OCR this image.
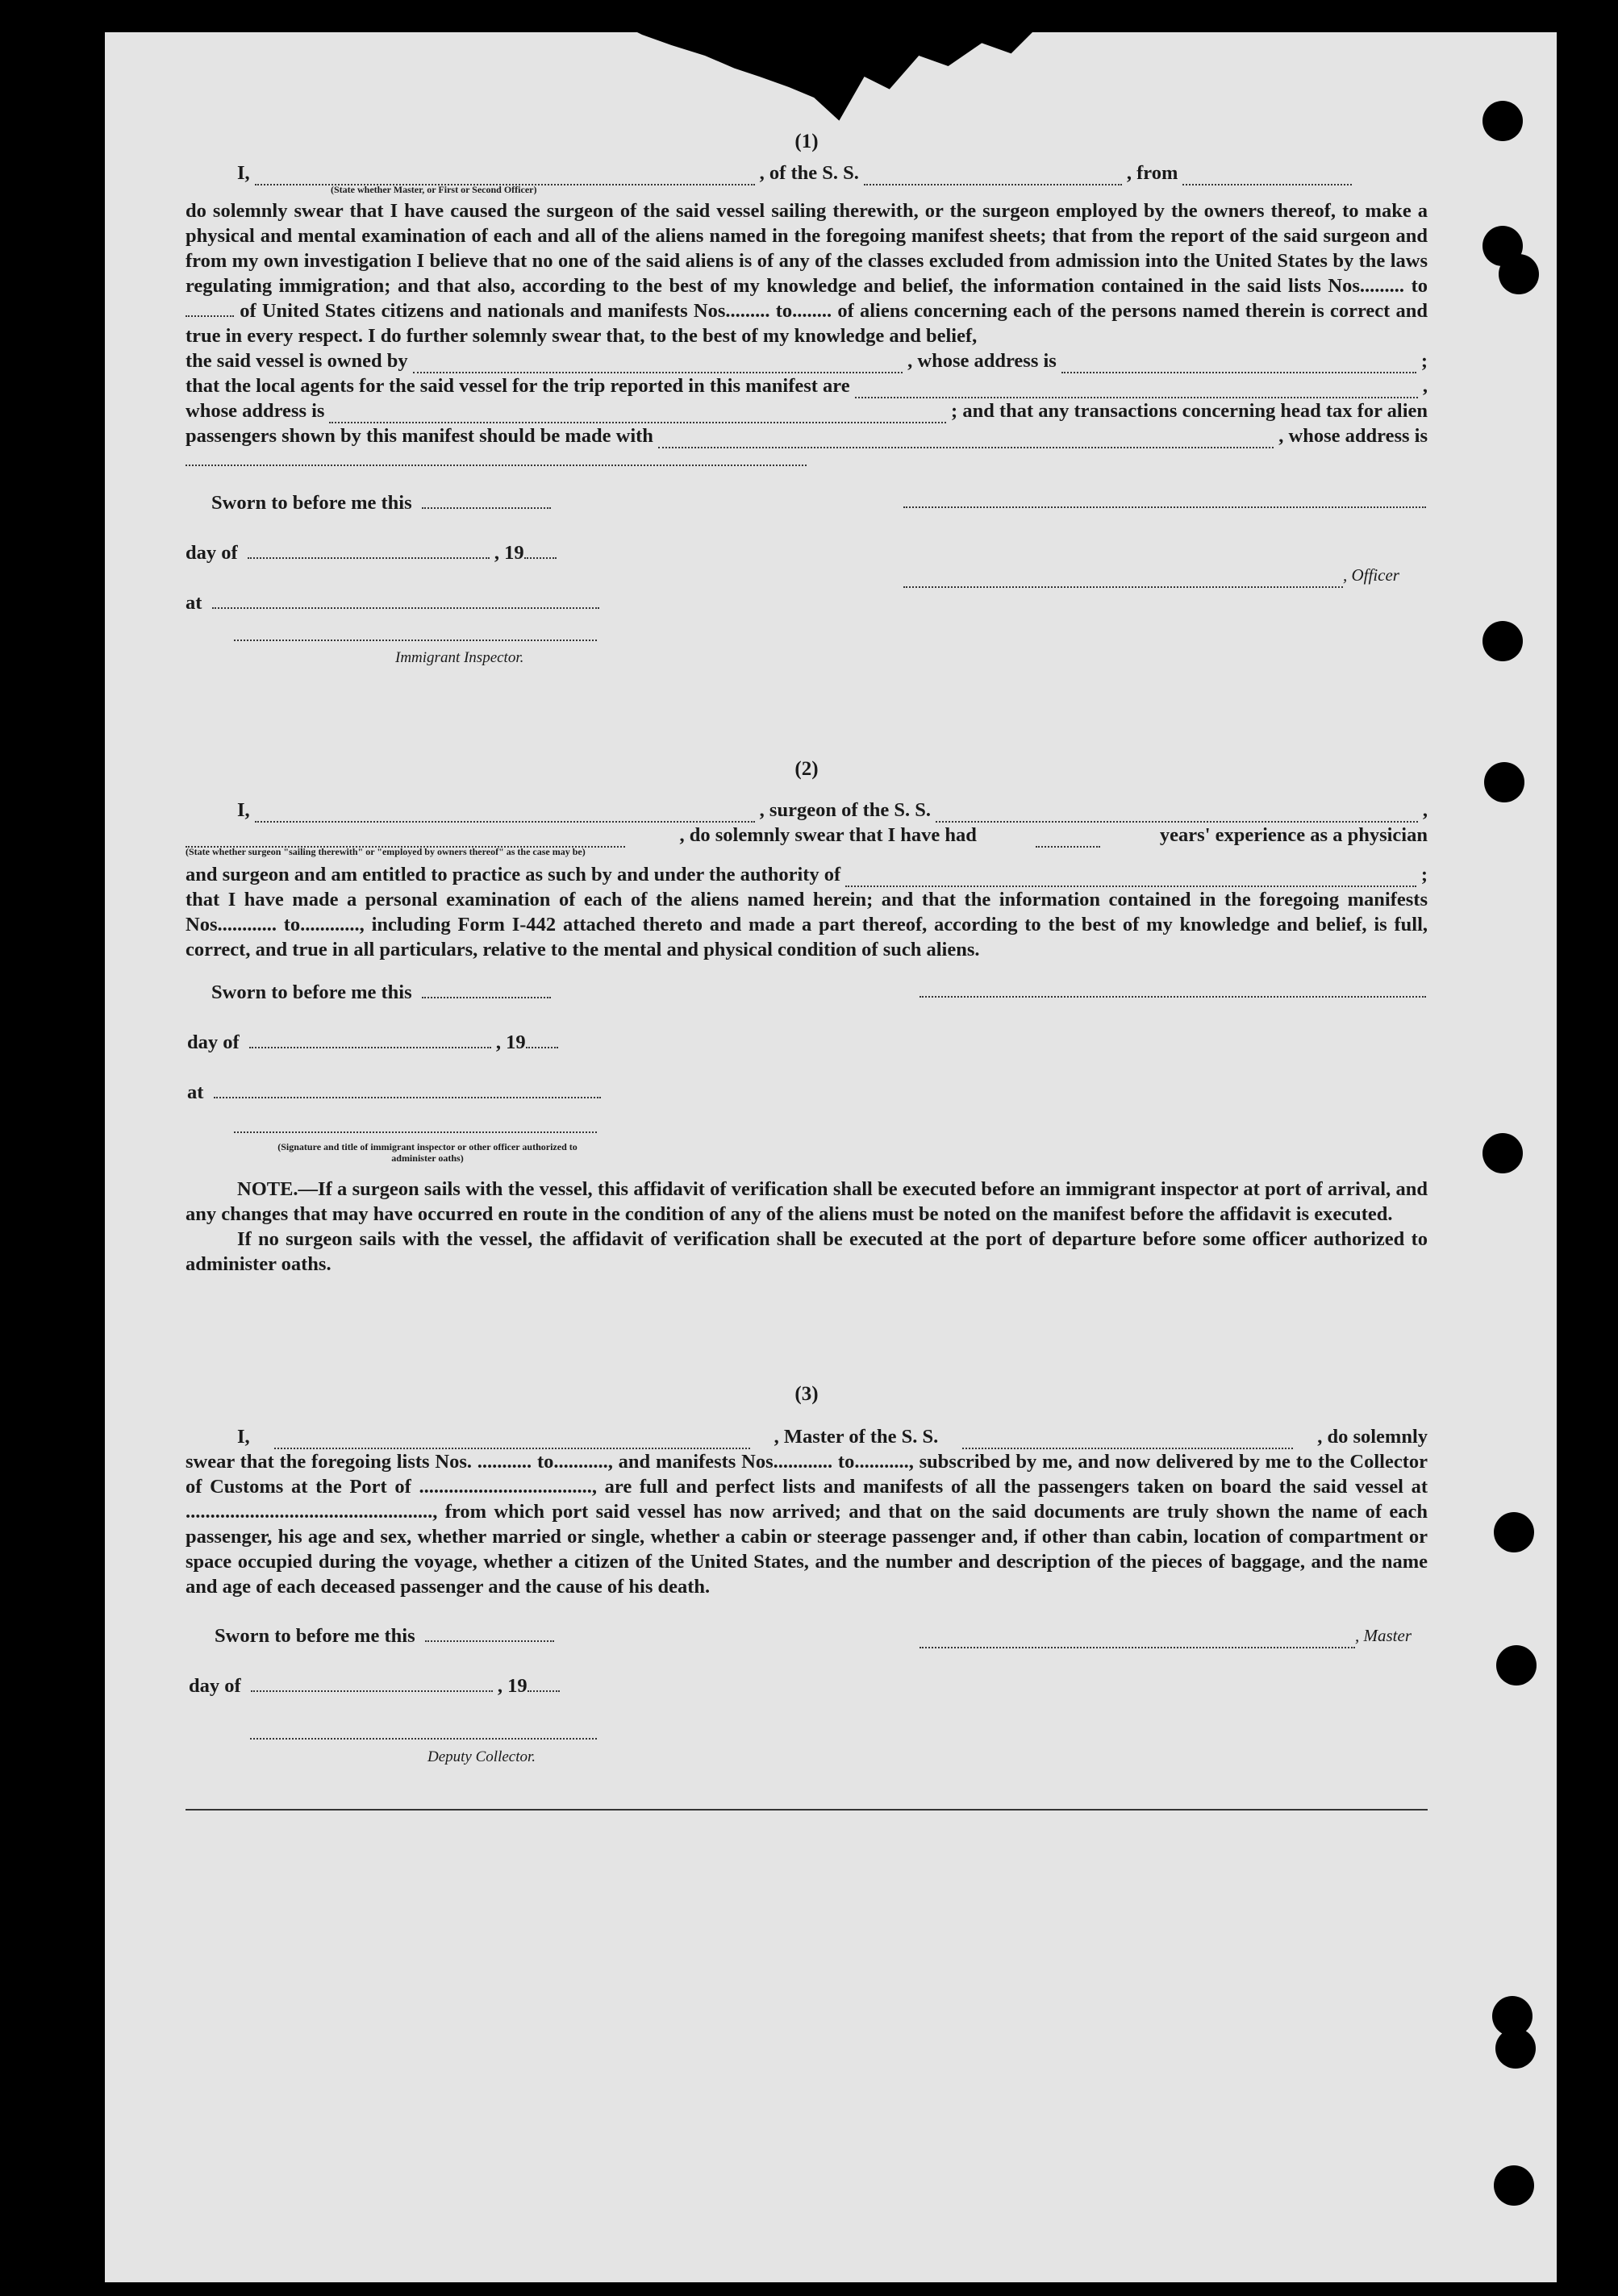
(1)
I,	, of the S. S.	, from
(State whether Master, or First or Second Officer)

do solemnly swear that I have caused the surgeon of the said vessel sailing therewith, or the surgeon employed by the owners thereof, to make a physical and mental examination of each and all of the aliens named in the foregoing manifest sheets; that from the report of the said surgeon and from my own investigation I believe that no one of the said aliens is of any of the classes excluded from admission into the United States by the laws regulating immigration; and that also, according to the best of my knowledge and belief, the information contained in the said lists Nos......... to of United States citizens and nationals and manifests Nos......... to........ of aliens concerning each of the persons named therein is correct and true in every respect. I do further solemnly swear that, to the best of my knowledge and belief,

the said vessel is owned by	, whose address is	;
that the local agents for the said vessel for the trip reported in this manifest are	,
whose address is	; and that any transactions concerning head tax for alien
passengers shown by this manifest should be made with	, whose address is
Sworn to before me this
day of	, 19
, Officer
at
Immigrant Inspector.
(2)
I,	, surgeon of the S. S.	,
, do solemnly swear that I have had	years' experience as a physician
(State whether surgeon "sailing therewith" or "employed by owners thereof" as the case may be)
and surgeon and am entitled to practice as such by and under the authority of	;

that I have made a personal examination of each of the aliens named herein; and that the information contained in the foregoing manifests Nos............ to............, including Form I-442 attached thereto and made a part thereof, according to the best of my knowledge and belief, is full, correct, and true in all particulars, relative to the mental and physical condition of such aliens.

Sworn to before me this
day of	, 19
at
(Signature and title of immigrant inspector or other officer authorized to administer oaths)

NOTE.—If a surgeon sails with the vessel, this affidavit of verification shall be executed before an immigrant inspector at port of arrival, and any changes that may have occurred en route in the condition of any of the aliens must be noted on the manifest before the affidavit is executed.

If no surgeon sails with the vessel, the affidavit of verification shall be executed at the port of departure before some officer authorized to administer oaths.

(3)
I,	, Master of the S. S.	, do solemnly

swear that the foregoing lists Nos. ........... to..........., and manifests Nos............ to..........., subscribed by me, and now delivered by me to the Collector of Customs at the Port of ..................................., are full and perfect lists and manifests of all the passengers taken on board the said vessel at .................................................., from which port said vessel has now arrived; and that on the said documents are truly shown the name of each passenger, his age and sex, whether married or single, whether a cabin or steerage passenger and, if other than cabin, location of compartment or space occupied during the voyage, whether a citizen of the United States, and the number and description of the pieces of baggage, and the name and age of each deceased passenger and the cause of his death.

Sworn to before me this	, Master
day of	, 19
Deputy Collector.
